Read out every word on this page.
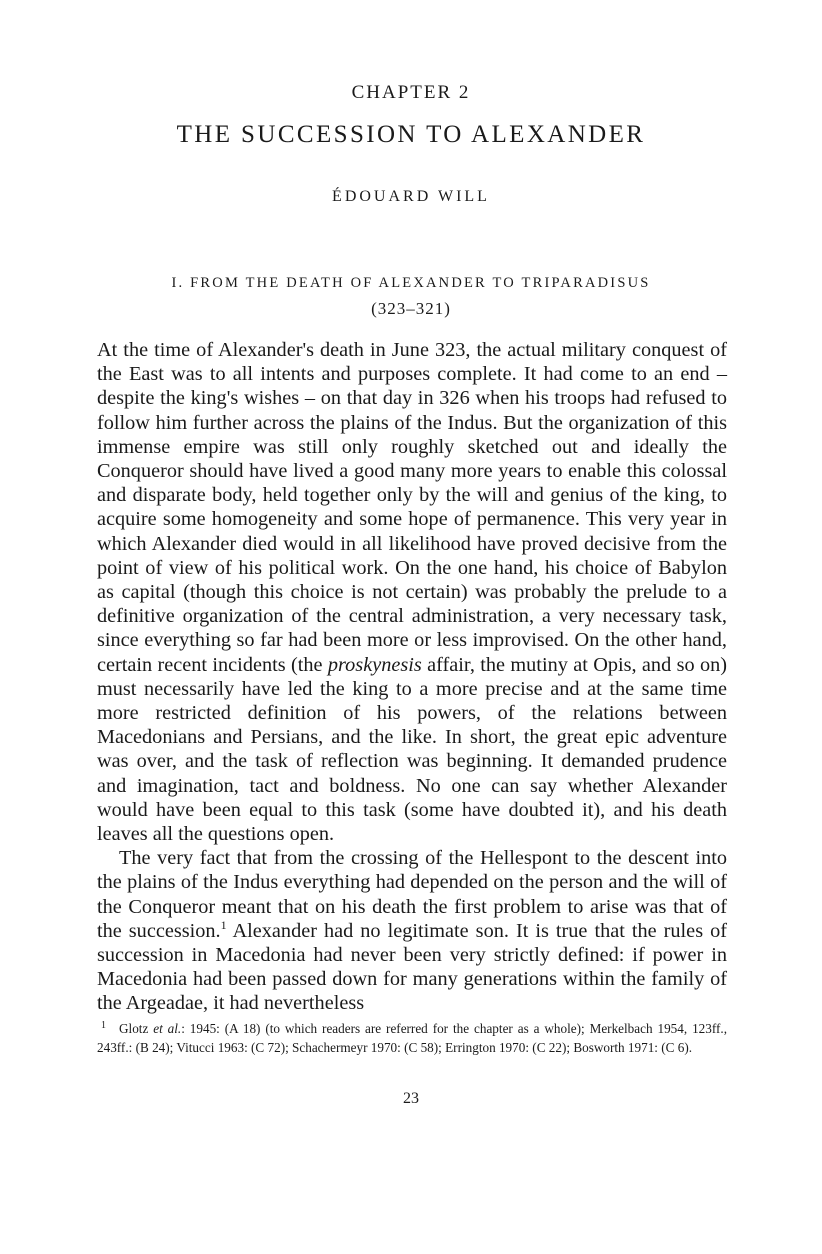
CHAPTER 2
THE SUCCESSION TO ALEXANDER
ÉDOUARD WILL
I. FROM THE DEATH OF ALEXANDER TO TRIPARADISUS
(323–321)

At the time of Alexander's death in June 323, the actual military conquest of the East was to all intents and purposes complete. It had come to an end – despite the king's wishes – on that day in 326 when his troops had refused to follow him further across the plains of the Indus. But the organization of this immense empire was still only roughly sketched out and ideally the Conqueror should have lived a good many more years to enable this colossal and disparate body, held together only by the will and genius of the king, to acquire some homogeneity and some hope of permanence. This very year in which Alexander died would in all likelihood have proved decisive from the point of view of his political work. On the one hand, his choice of Babylon as capital (though this choice is not certain) was probably the prelude to a definitive organization of the central administration, a very necessary task, since everything so far had been more or less improvised. On the other hand, certain recent incidents (the proskynesis affair, the mutiny at Opis, and so on) must necessarily have led the king to a more precise and at the same time more restricted definition of his powers, of the relations between Macedonians and Persians, and the like. In short, the great epic adventure was over, and the task of reflection was beginning. It demanded prudence and imagination, tact and boldness. No one can say whether Alexander would have been equal to this task (some have doubted it), and his death leaves all the questions open.

The very fact that from the crossing of the Hellespont to the descent into the plains of the Indus everything had depended on the person and the will of the Conqueror meant that on his death the first problem to arise was that of the succession.$^1$ Alexander had no legitimate son. It is true that the rules of succession in Macedonia had never been very strictly defined: if power in Macedonia had been passed down for many generations within the family of the Argeadae, it had nevertheless

1 Glotz et al.: 1945: (A 18) (to which readers are referred for the chapter as a whole); Merkelbach 1954, 123ff., 243ff.: (B 24); Vitucci 1963: (C 72); Schachermeyr 1970: (C 58); Errington 1970: (C 22); Bosworth 1971: (C 6).
23
